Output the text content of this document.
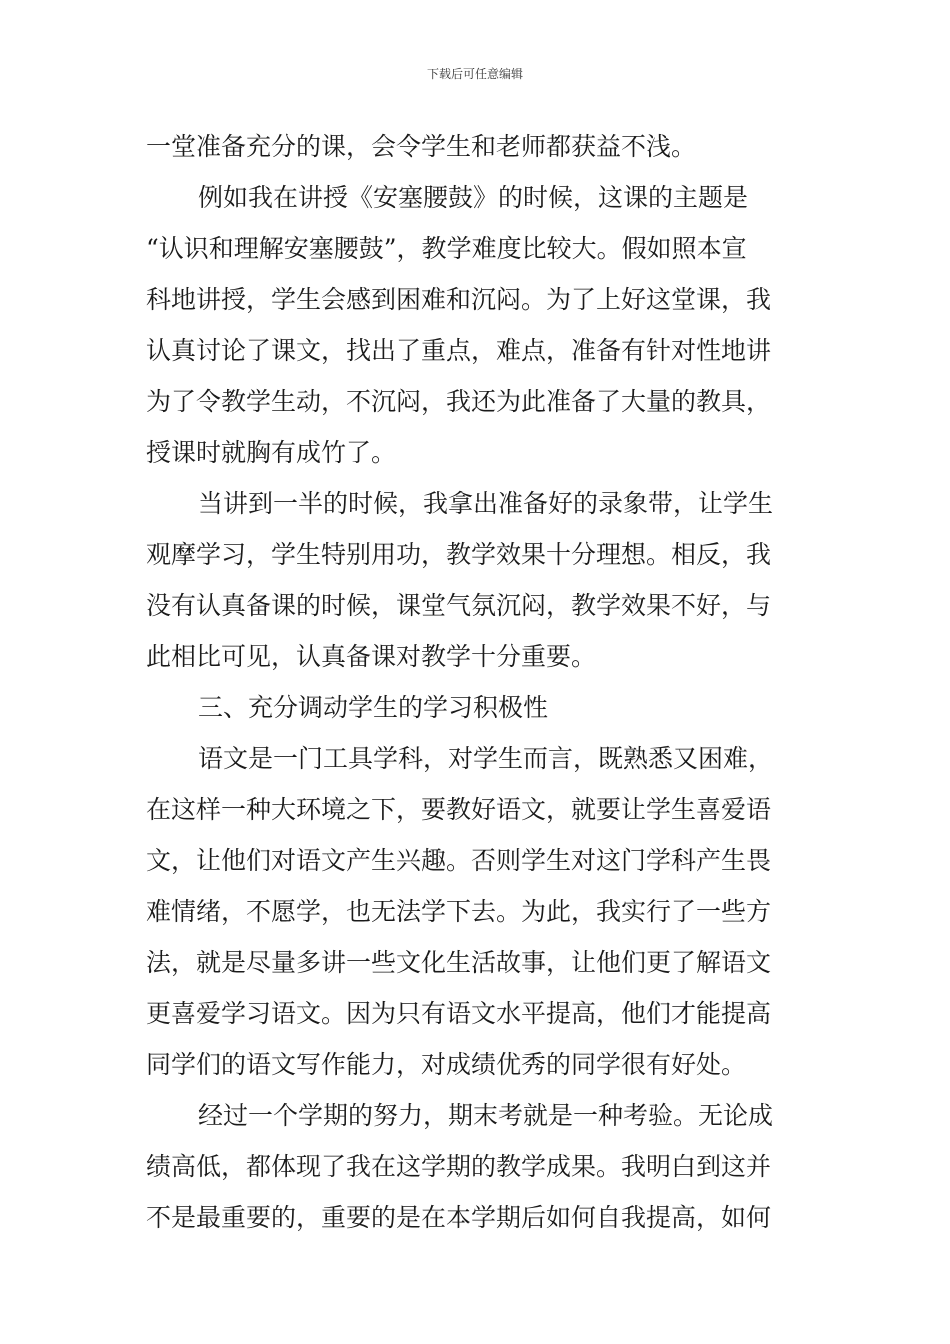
下载后可任意编辑
一堂准备充分的课，会令学生和老师都获益不浅。
例如我在讲授《安塞腰鼓》的时候，这课的主题是
“认识和理解安塞腰鼓”，教学难度比较大。假如照本宣
科地讲授，学生会感到困难和沉闷。为了上好这堂课，我
认真讨论了课文，找出了重点，难点，准备有针对性地讲
为了令教学生动，不沉闷，我还为此准备了大量的教具，
授课时就胸有成竹了。
当讲到一半的时候，我拿出准备好的录象带，让学生
观摩学习，学生特别用功，教学效果十分理想。相反，我
没有认真备课的时候，课堂气氛沉闷，教学效果不好，与
此相比可见，认真备课对教学十分重要。
三、充分调动学生的学习积极性
语文是一门工具学科，对学生而言，既熟悉又困难，
在这样一种大环境之下，要教好语文，就要让学生喜爱语
文，让他们对语文产生兴趣。否则学生对这门学科产生畏
难情绪，不愿学，也无法学下去。为此，我实行了一些方
法，就是尽量多讲一些文化生活故事，让他们更了解语文
更喜爱学习语文。因为只有语文水平提高，他们才能提高
同学们的语文写作能力，对成绩优秀的同学很有好处。
经过一个学期的努力，期末考就是一种考验。无论成
绩高低，都体现了我在这学期的教学成果。我明白到这并
不是最重要的，重要的是在本学期后如何自我提高，如何
